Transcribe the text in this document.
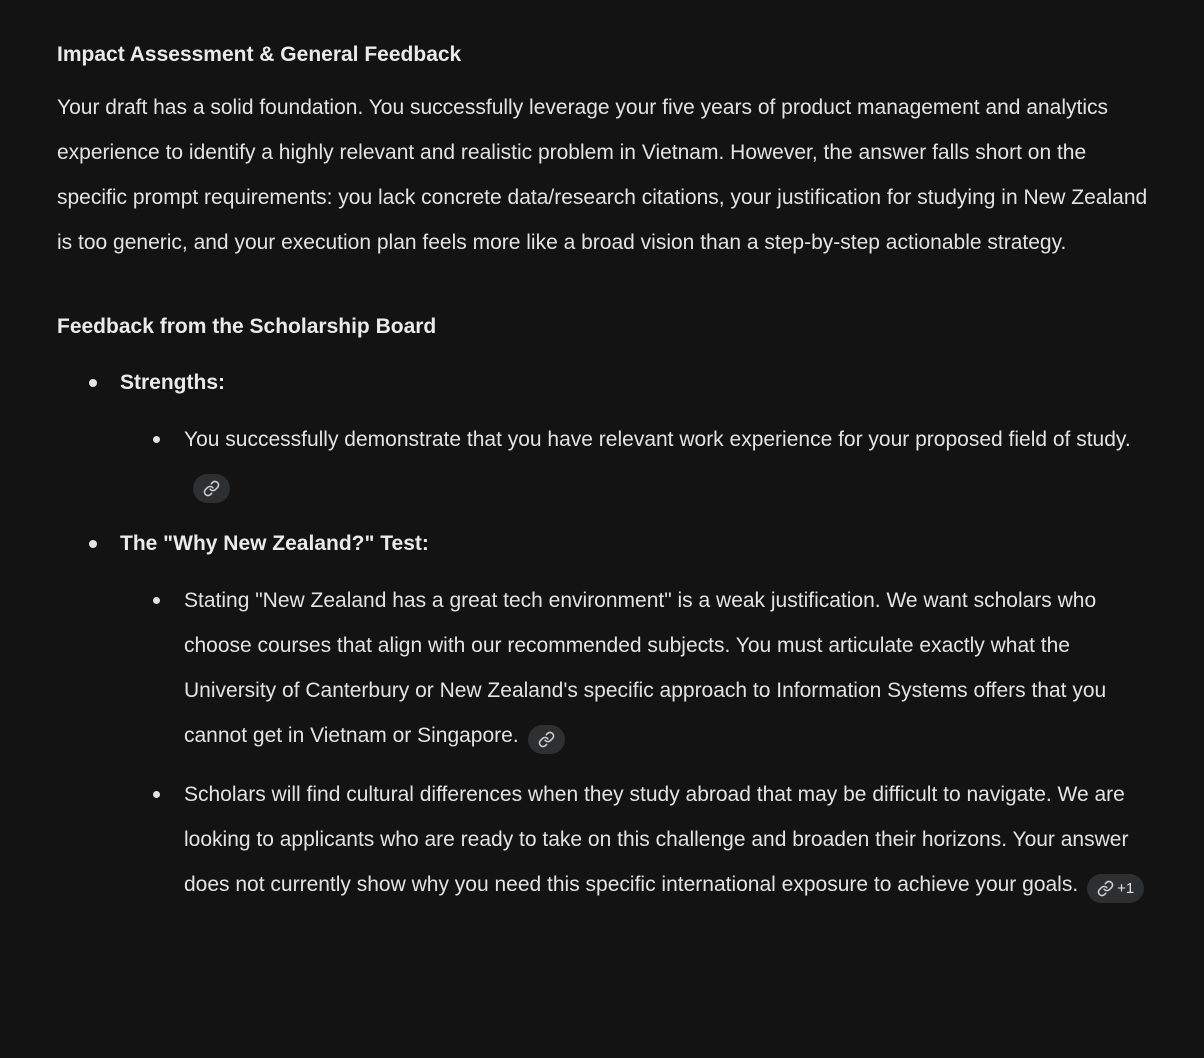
Impact Assessment & General Feedback

Your draft has a solid foundation. You successfully leverage your five years of product management and analytics experience to identify a highly relevant and realistic problem in Vietnam. However, the answer falls short on the specific prompt requirements: you lack concrete data/research citations, your justification for studying in New Zealand is too generic, and your execution plan feels more like a broad vision than a step-by-step actionable strategy.

Feedback from the Scholarship Board
Strengths:
You successfully demonstrate that you have relevant work experience for your proposed field of study.
The "Why New Zealand?" Test:
Stating "New Zealand has a great tech environment" is a weak justification. We want scholars who choose courses that align with our recommended subjects. You must articulate exactly what the University of Canterbury or New Zealand's specific approach to Information Systems offers that you cannot get in Vietnam or Singapore.
Scholars will find cultural differences when they study abroad that may be difficult to navigate. We are looking to applicants who are ready to take on this challenge and broaden their horizons. Your answer does not currently show why you need this specific international exposure to achieve your goals.	+1
